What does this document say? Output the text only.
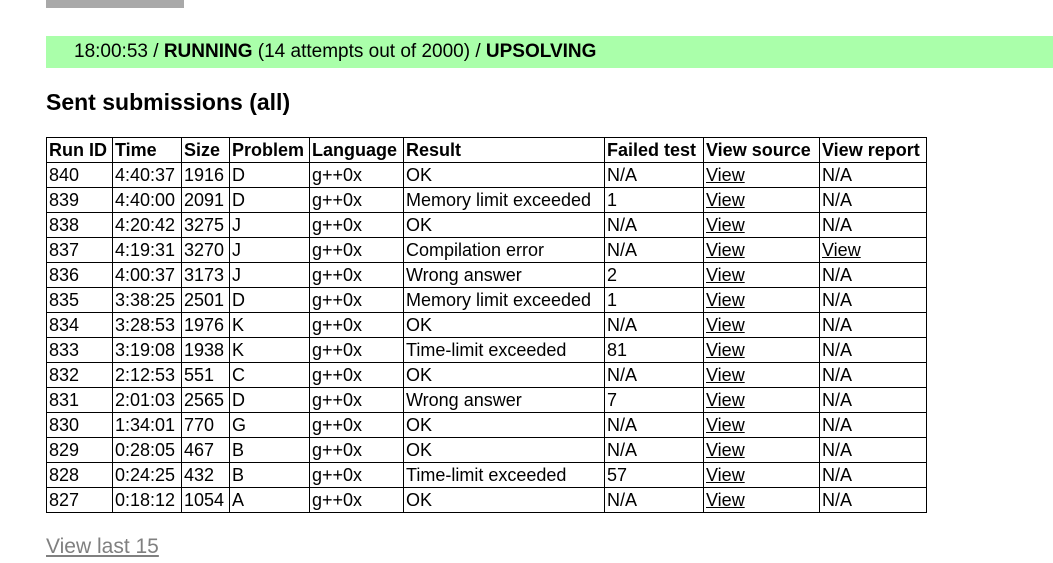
18:00:53 / RUNNING (14 attempts out of 2000) / UPSOLVING
Sent submissions (all)
Run ID	Time	Size	Problem	Language	Result	Failed test	View source	View report
840	4:40:37	1916	D	g++0x	OK	N/A	View	N/A
839	4:40:00	2091	D	g++0x	Memory limit exceeded	1	View	N/A
838	4:20:42	3275	J	g++0x	OK	N/A	View	N/A
837	4:19:31	3270	J	g++0x	Compilation error	N/A	View	View
836	4:00:37	3173	J	g++0x	Wrong answer	2	View	N/A
835	3:38:25	2501	D	g++0x	Memory limit exceeded	1	View	N/A
834	3:28:53	1976	K	g++0x	OK	N/A	View	N/A
833	3:19:08	1938	K	g++0x	Time-limit exceeded	81	View	N/A
832	2:12:53	551	C	g++0x	OK	N/A	View	N/A
831	2:01:03	2565	D	g++0x	Wrong answer	7	View	N/A
830	1:34:01	770	G	g++0x	OK	N/A	View	N/A
829	0:28:05	467	B	g++0x	OK	N/A	View	N/A
828	0:24:25	432	B	g++0x	Time-limit exceeded	57	View	N/A
827	0:18:12	1054	A	g++0x	OK	N/A	View	N/A
View last 15
